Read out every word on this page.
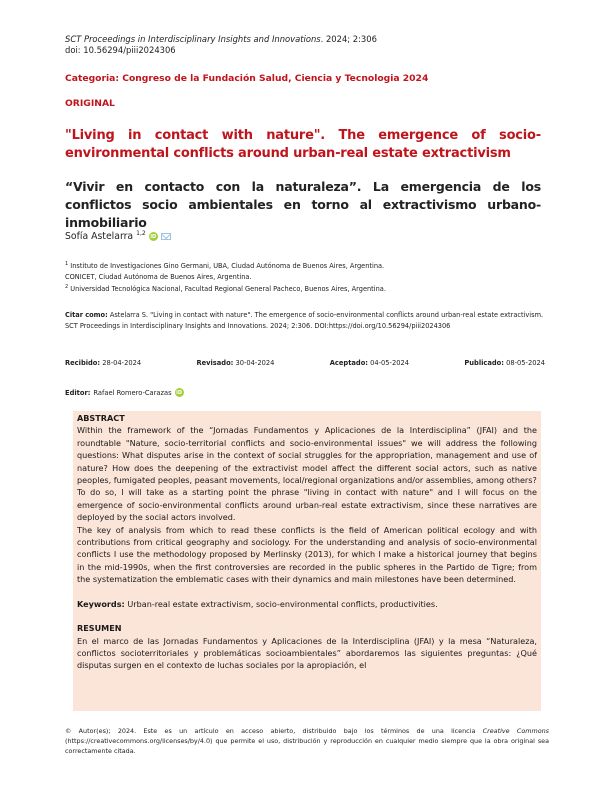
SCT Proceedings in Interdisciplinary Insights and Innovations. 2024; 2:306
doi: 10.56294/piii2024306
Categoria: Congreso de la Fundación Salud, Ciencia y Tecnologia 2024
ORIGINAL
"Living in contact with nature". The emergence of socio-environmental conflicts around urban-real estate extractivism
“Vivir en contacto con la naturaleza”. La emergencia de los conflictos socio ambientales en torno al extractivismo urbano-inmobiliario
Sofía Astelarra $^{1,2}$ iD
$^1$ Instituto de Investigaciones Gino Germani, UBA, Ciudad Autónoma de Buenos Aires, Argentina.
CONICET, Ciudad Autónoma de Buenos Aires, Argentina.
$^2$ Universidad Tecnológica Nacional, Facultad Regional General Pacheco, Buenos Aires, Argentina.
Citar como: Astelarra S. "Living in contact with nature". The emergence of socio-environmental conflicts around urban-real estate extractivism. SCT Proceedings in Interdisciplinary Insights and Innovations. 2024; 2:306. DOI:https://doi.org/10.56294/piii2024306
Recibido: 28-04-2024	Revisado: 30-04-2024	Aceptado: 04-05-2024	Publicado: 08-05-2024
Editor: Rafael Romero-Carazas iD

ABSTRACT

Within the framework of the “Jornadas Fundamentos y Aplicaciones de la Interdisciplina” (JFAI) and the roundtable "Nature, socio-territorial conflicts and socio-environmental issues" we will address the following questions: What disputes arise in the context of social struggles for the appropriation, management and use of nature? How does the deepening of the extractivist model affect the different social actors, such as native peoples, fumigated peoples, peasant movements, local/regional organizations and/or assemblies, among others?

To do so, I will take as a starting point the phrase "living in contact with nature" and I will focus on the emergence of socio-environmental conflicts around urban-real estate extractivism, since these narratives are deployed by the social actors involved.

The key of analysis from which to read these conflicts is the field of American political ecology and with contributions from critical geography and sociology. For the understanding and analysis of socio-environmental conflicts I use the methodology proposed by Merlinsky (2013), for which I make a historical journey that begins in the mid-1990s, when the first controversies are recorded in the public spheres in the Partido de Tigre; from the systematization the emblematic cases with their dynamics and main milestones have been determined.

Keywords: Urban-real estate extractivism, socio-environmental conflicts, productivities.

RESUMEN

En el marco de las Jornadas Fundamentos y Aplicaciones de la Interdisciplina (JFAI) y la mesa “Naturaleza, conflictos socioterritoriales y problemáticas socioambientales” abordaremos las siguientes preguntas: ¿Qué disputas surgen en el contexto de luchas sociales por la apropiación, el

© Autor(es); 2024. Este es un artículo en acceso abierto, distribuido bajo los términos de una licencia Creative Commons (https://creativecommons.org/licenses/by/4.0) que permite el uso, distribución y reproducción en cualquier medio siempre que la obra original sea correctamente citada.
